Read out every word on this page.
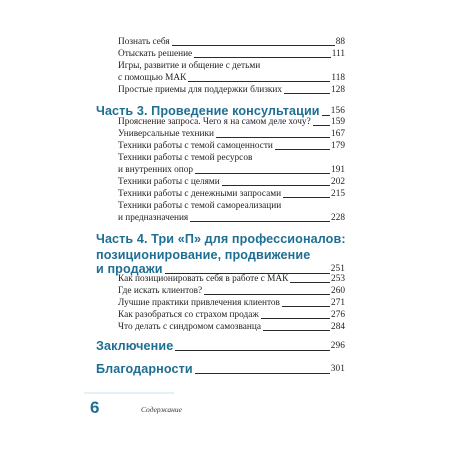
Познать себя	88
Отыскать решение	111
Игры, развитие и общение с детьми
с помощью МАК	118
Простые приемы для поддержки близких	128
Часть 3. Проведение консультации 156
Прояснение запроса. Чего я на самом деле хочу? 159
Универсальные техники	167
Техники работы с темой самоценности	179
Техники работы с темой ресурсов
и внутренних опор	191
Техники работы с целями	202
Техники работы с денежными запросами	215
Техники работы с темой самореализации
и предназначения	228
Часть 4. Три «П» для профессионалов:
позиционирование, продвижение
и продажи	251
Как позиционировать себя в работе с МАК	253
Где искать клиентов?	260
Лучшие практики привлечения клиентов	271
Как разобраться со страхом продаж	276
Что делать с синдромом самозванца	284
Заключение	296
Благодарности	301
6	Содержание
